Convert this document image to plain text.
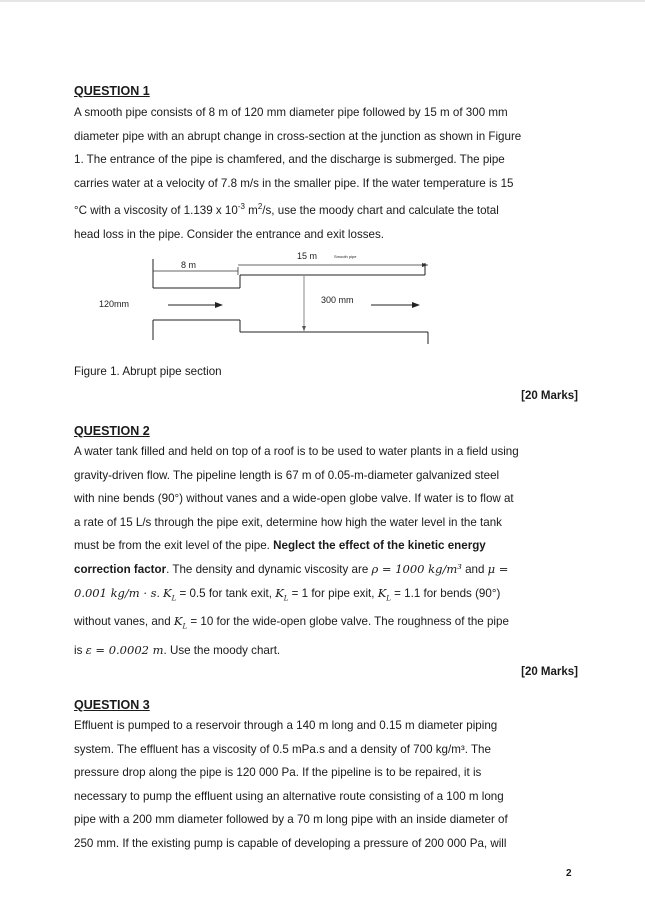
QUESTION 1

A smooth pipe consists of 8 m of 120 mm diameter pipe followed by 15 m of 300 mm

diameter pipe with an abrupt change in cross-section at the junction as shown in Figure

1. The entrance of the pipe is chamfered, and the discharge is submerged. The pipe

carries water at a velocity of 7.8 m/s in the smaller pipe. If the water temperature is 15

°C with a viscosity of 1.139 x $10^{-3}$ $m^2/s$, use the moody chart and calculate the total

head loss in the pipe. Consider the entrance and exit losses.

8 m
15 m	Smooth pipe
300 mm
120mm
Figure 1. Abrupt pipe section
[20 Marks]

QUESTION 2

A water tank filled and held on top of a roof is to be used to water plants in a field using

gravity-driven flow. The pipeline length is 67 m of 0.05-m-diameter galvanized steel

with nine bends (90°) without vanes and a wide-open globe valve. If water is to flow at

a rate of 15 L/s through the pipe exit, determine how high the water level in the tank

must be from the exit level of the pipe. Neglect the effect of the kinetic energy

correction factor. The density and dynamic viscosity are ρ = 1000 kg/m³ and μ =

0.001 kg/m · s. $K_L = 0.5$ for tank exit, $K_L = 1$ for pipe exit, $K_L = 1.1$ for bends (90°)

without vanes, and $K_L = 10$ for the wide-open globe valve. The roughness of the pipe

is ε = 0.0002 m. Use the moody chart.

[20 Marks]

QUESTION 3

Effluent is pumped to a reservoir through a 140 m long and 0.15 m diameter piping

system. The effluent has a viscosity of 0.5 mPa.s and a density of 700 kg/m³. The

pressure drop along the pipe is 120 000 Pa. If the pipeline is to be repaired, it is

necessary to pump the effluent using an alternative route consisting of a 100 m long

pipe with a 200 mm diameter followed by a 70 m long pipe with an inside diameter of

250 mm. If the existing pump is capable of developing a pressure of 200 000 Pa, will

2
